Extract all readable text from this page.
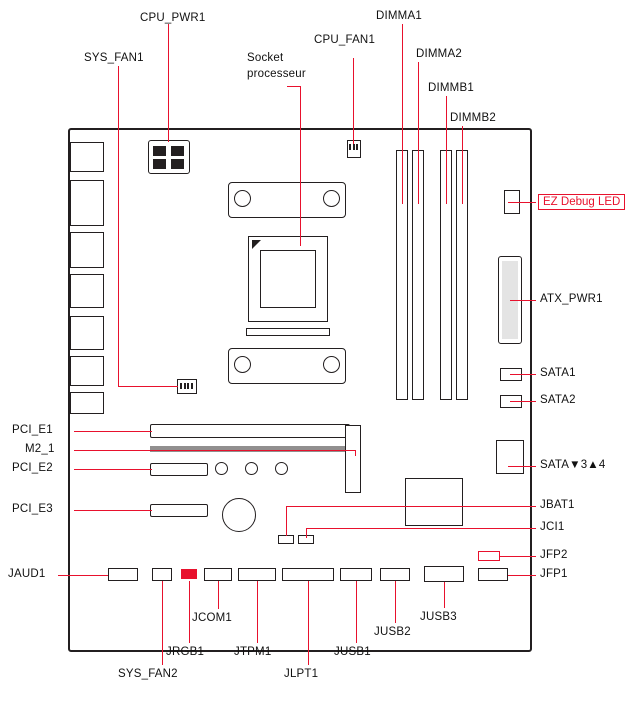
CPU_PWR1
SYS_FAN1	Socket
processeur
CPU_FAN1
DIMMA1
DIMMA2
DIMMB1
DIMMB2
EZ Debug LED
ATX_PWR1
SATA1
SATA2
SATA▼3▲4
PCI_E1
M2_1
PCI_E2
PCI_E3	JBAT1
JCI1
JFP2
JFP1
JAUD1
JRGB1
JCOM1
JTPM1
JLPT1
JUSB1
JUSB2
JUSB3
SYS_FAN2
